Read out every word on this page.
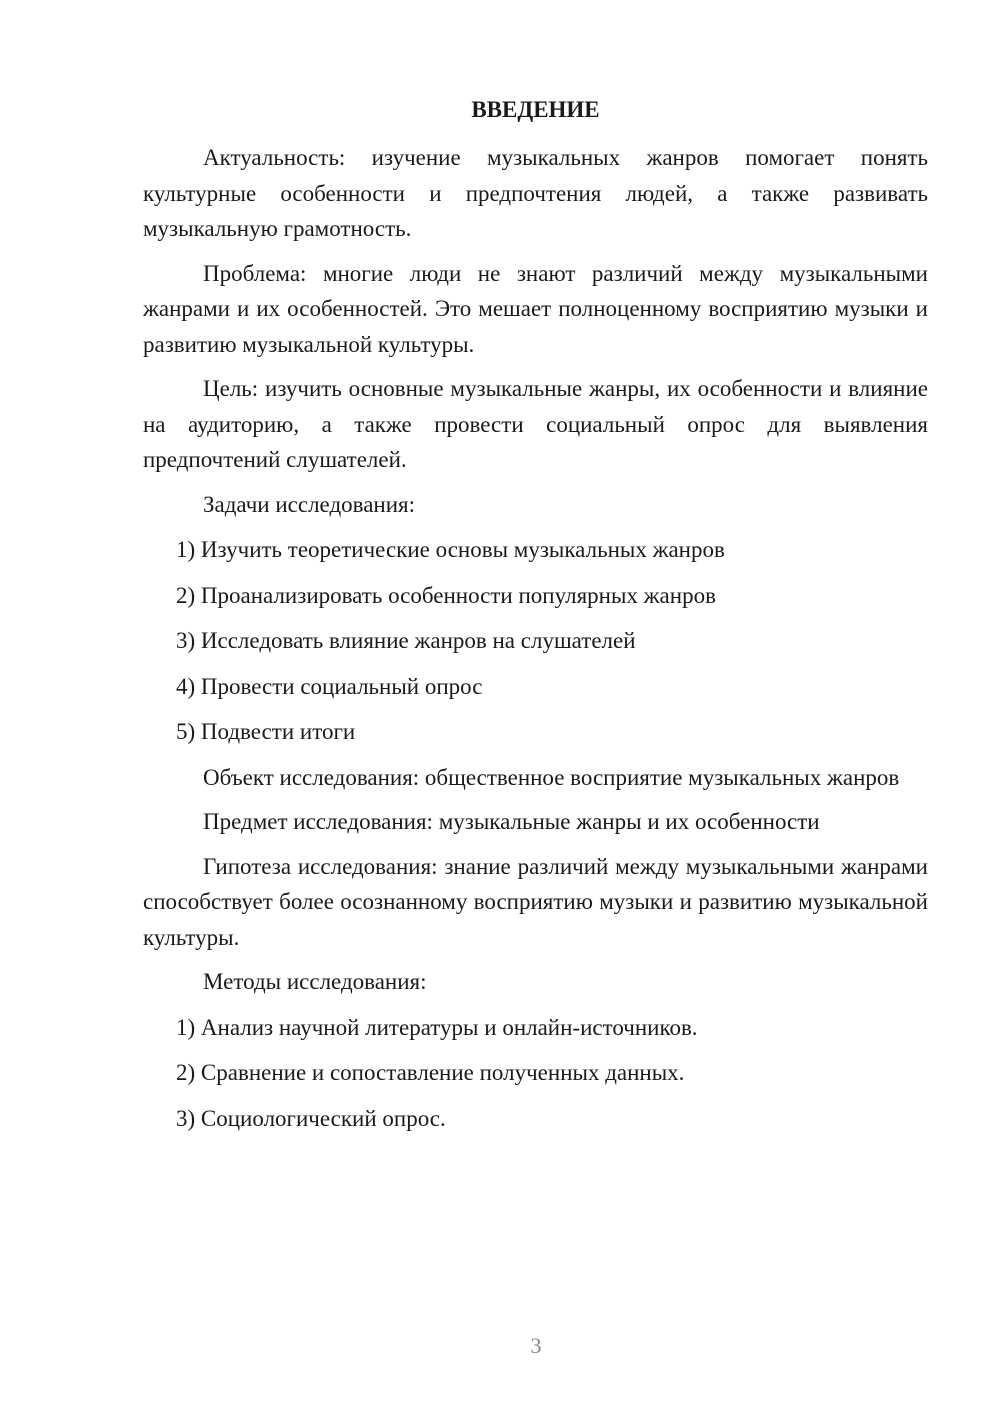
ВВЕДЕНИЕ

Актуальность: изучение музыкальных жанров помогает понять культурные особенности и предпочтения людей, а также развивать музыкальную грамотность.

Проблема: многие люди не знают различий между музыкальными жанрами и их особенностей. Это мешает полноценному восприятию музыки и развитию музыкальной культуры.

Цель: изучить основные музыкальные жанры, их особенности и влияние на аудиторию, а также провести социальный опрос для выявления предпочтений слушателей.

Задачи исследования:
1) Изучить теоретические основы музыкальных жанров
2) Проанализировать особенности популярных жанров
3) Исследовать влияние жанров на слушателей
4) Провести социальный опрос
5) Подвести итоги

Объект исследования: общественное восприятие музыкальных жанров

Предмет исследования: музыкальные жанры и их особенности

Гипотеза исследования: знание различий между музыкальными жанрами способствует более осознанному восприятию музыки и развитию музыкальной культуры.

Методы исследования:
1) Анализ научной литературы и онлайн-источников.
2) Сравнение и сопоставление полученных данных.
3) Социологический опрос.
3
